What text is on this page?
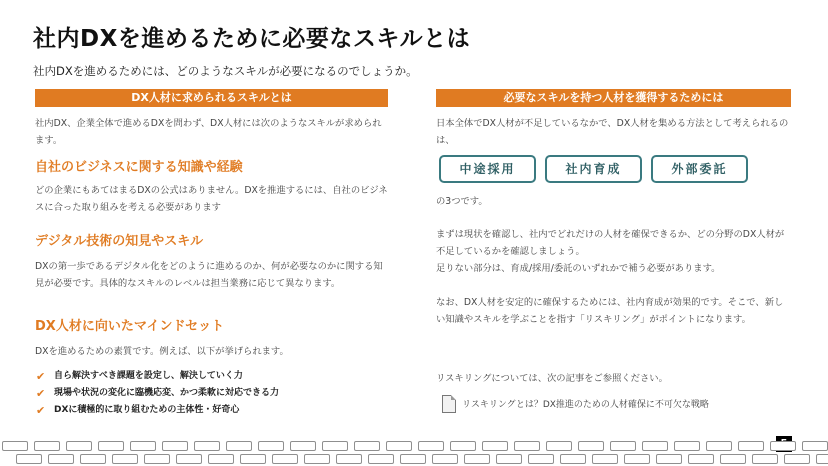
社内DXを進めるために必要なスキルとは
社内DXを進めるためには、どのようなスキルが必要になるのでしょうか。
DX人材に求められるスキルとは
社内DX、企業全体で進めるDXを問わず、DX人材には次のようなスキルが求められます。
自社のビジネスに関する知識や経験
どの企業にもあてはまるDXの公式はありません。DXを推進するには、自社のビジネスに合った取り組みを考える必要があります
デジタル技術の知見やスキル
DXの第一歩であるデジタル化をどのように進めるのか、何が必要なのかに関する知見が必要です。具体的なスキルのレベルは担当業務に応じて異なります。
DX人材に向いたマインドセット
DXを進めるための素質です。例えば、以下が挙げられます。
✔ 自ら解決すべき課題を設定し、解決していく力
✔ 現場や状況の変化に臨機応変、かつ柔軟に対応できる力
✔ DXに積極的に取り組むための主体性・好奇心
必要なスキルを持つ人材を獲得するためには
日本全体でDX人材が不足しているなかで、DX人材を集める方法として考えられるのは、
中途採用	社内育成	外部委託
の3つです。
まずは現状を確認し、社内でどれだけの人材を確保できるか、どの分野のDX人材が不足しているかを確認しましょう。
足りない部分は、育成/採用/委託のいずれかで補う必要があります。
なお、DX人材を安定的に確保するためには、社内育成が効果的です。そこで、新しい知識やスキルを学ぶことを指す「リスキリング」がポイントになります。
リスキリングについては、次の記事をご参照ください。
リスキリングとは？DX推進のための人材確保に不可欠な戦略
